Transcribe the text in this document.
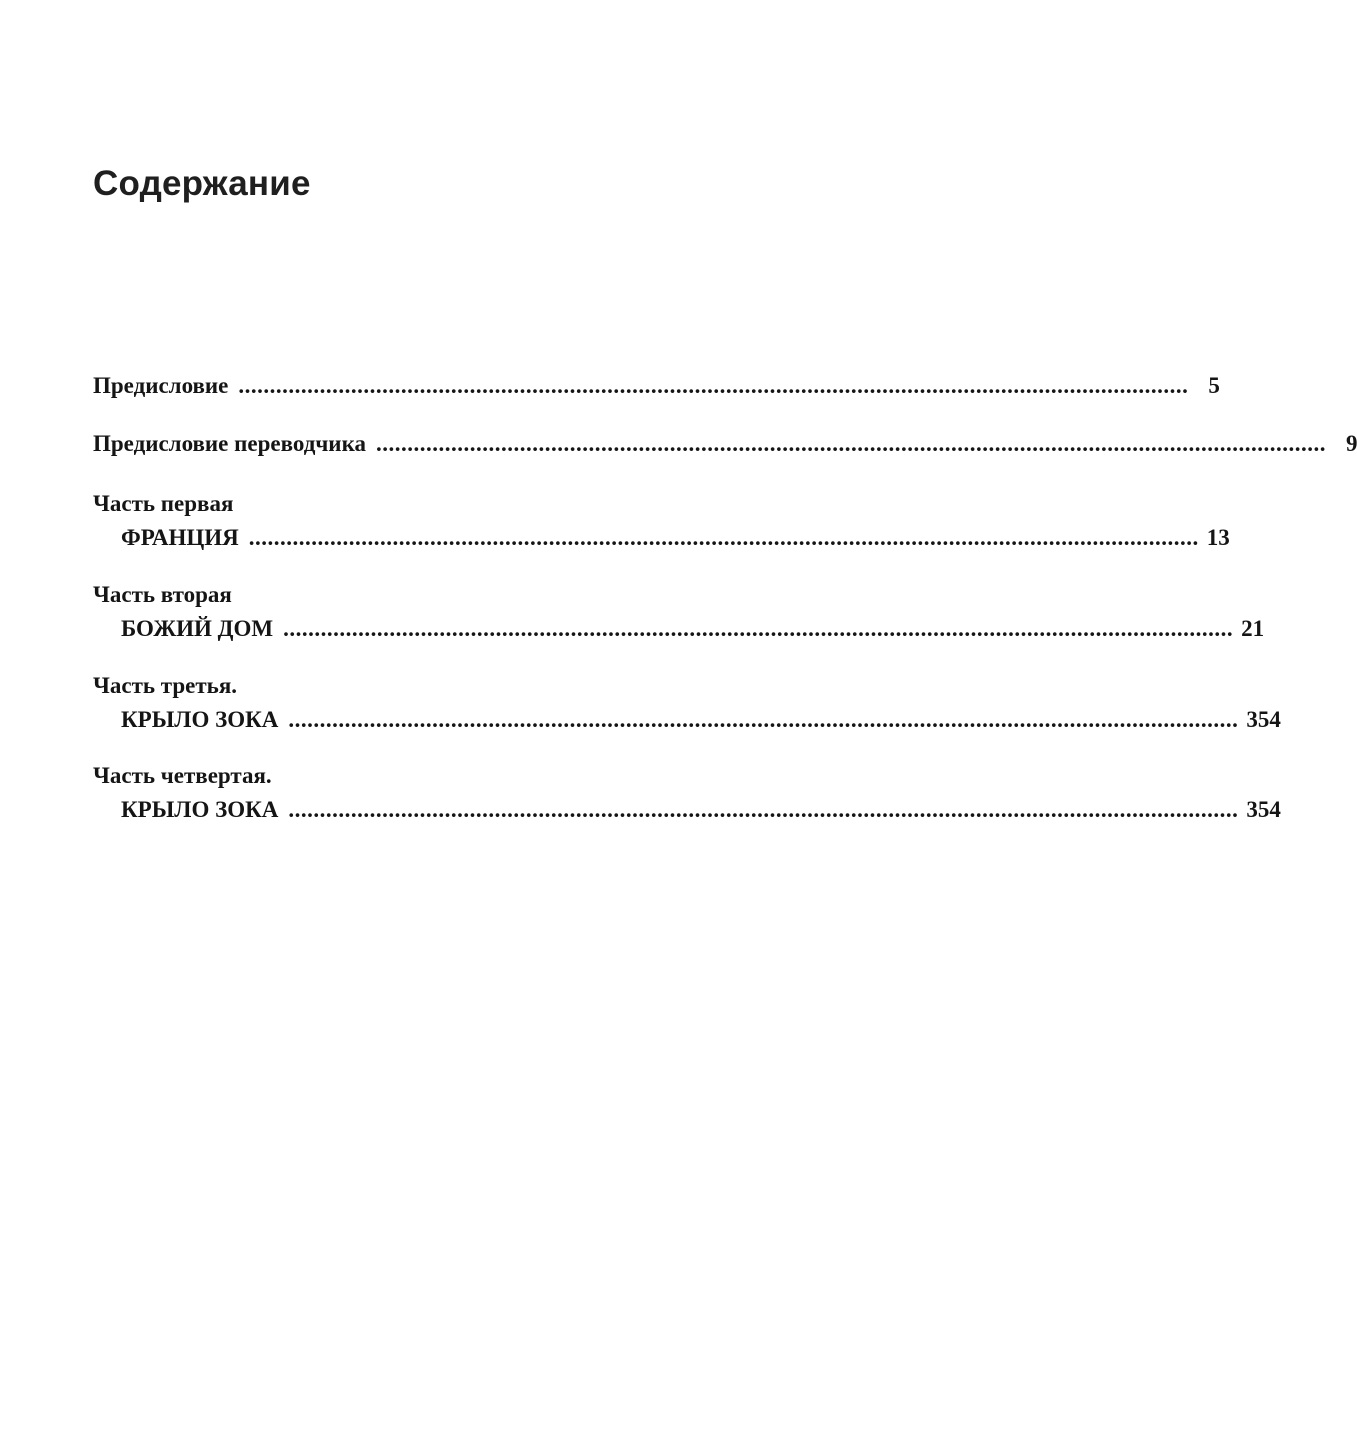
Содержание
Предисловие ........................................................................................................................................................ 5
Предисловие переводчика ........................................................................................................................................................ 9
Часть первая
ФРАНЦИЯ ........................................................................................................................................................ 13
Часть вторая
БОЖИЙ ДОМ ........................................................................................................................................................ 21
Часть третья.
КРЫЛО ЗОКА ........................................................................................................................................................ 354
Часть четвертая.
КРЫЛО ЗОКА ........................................................................................................................................................ 354
